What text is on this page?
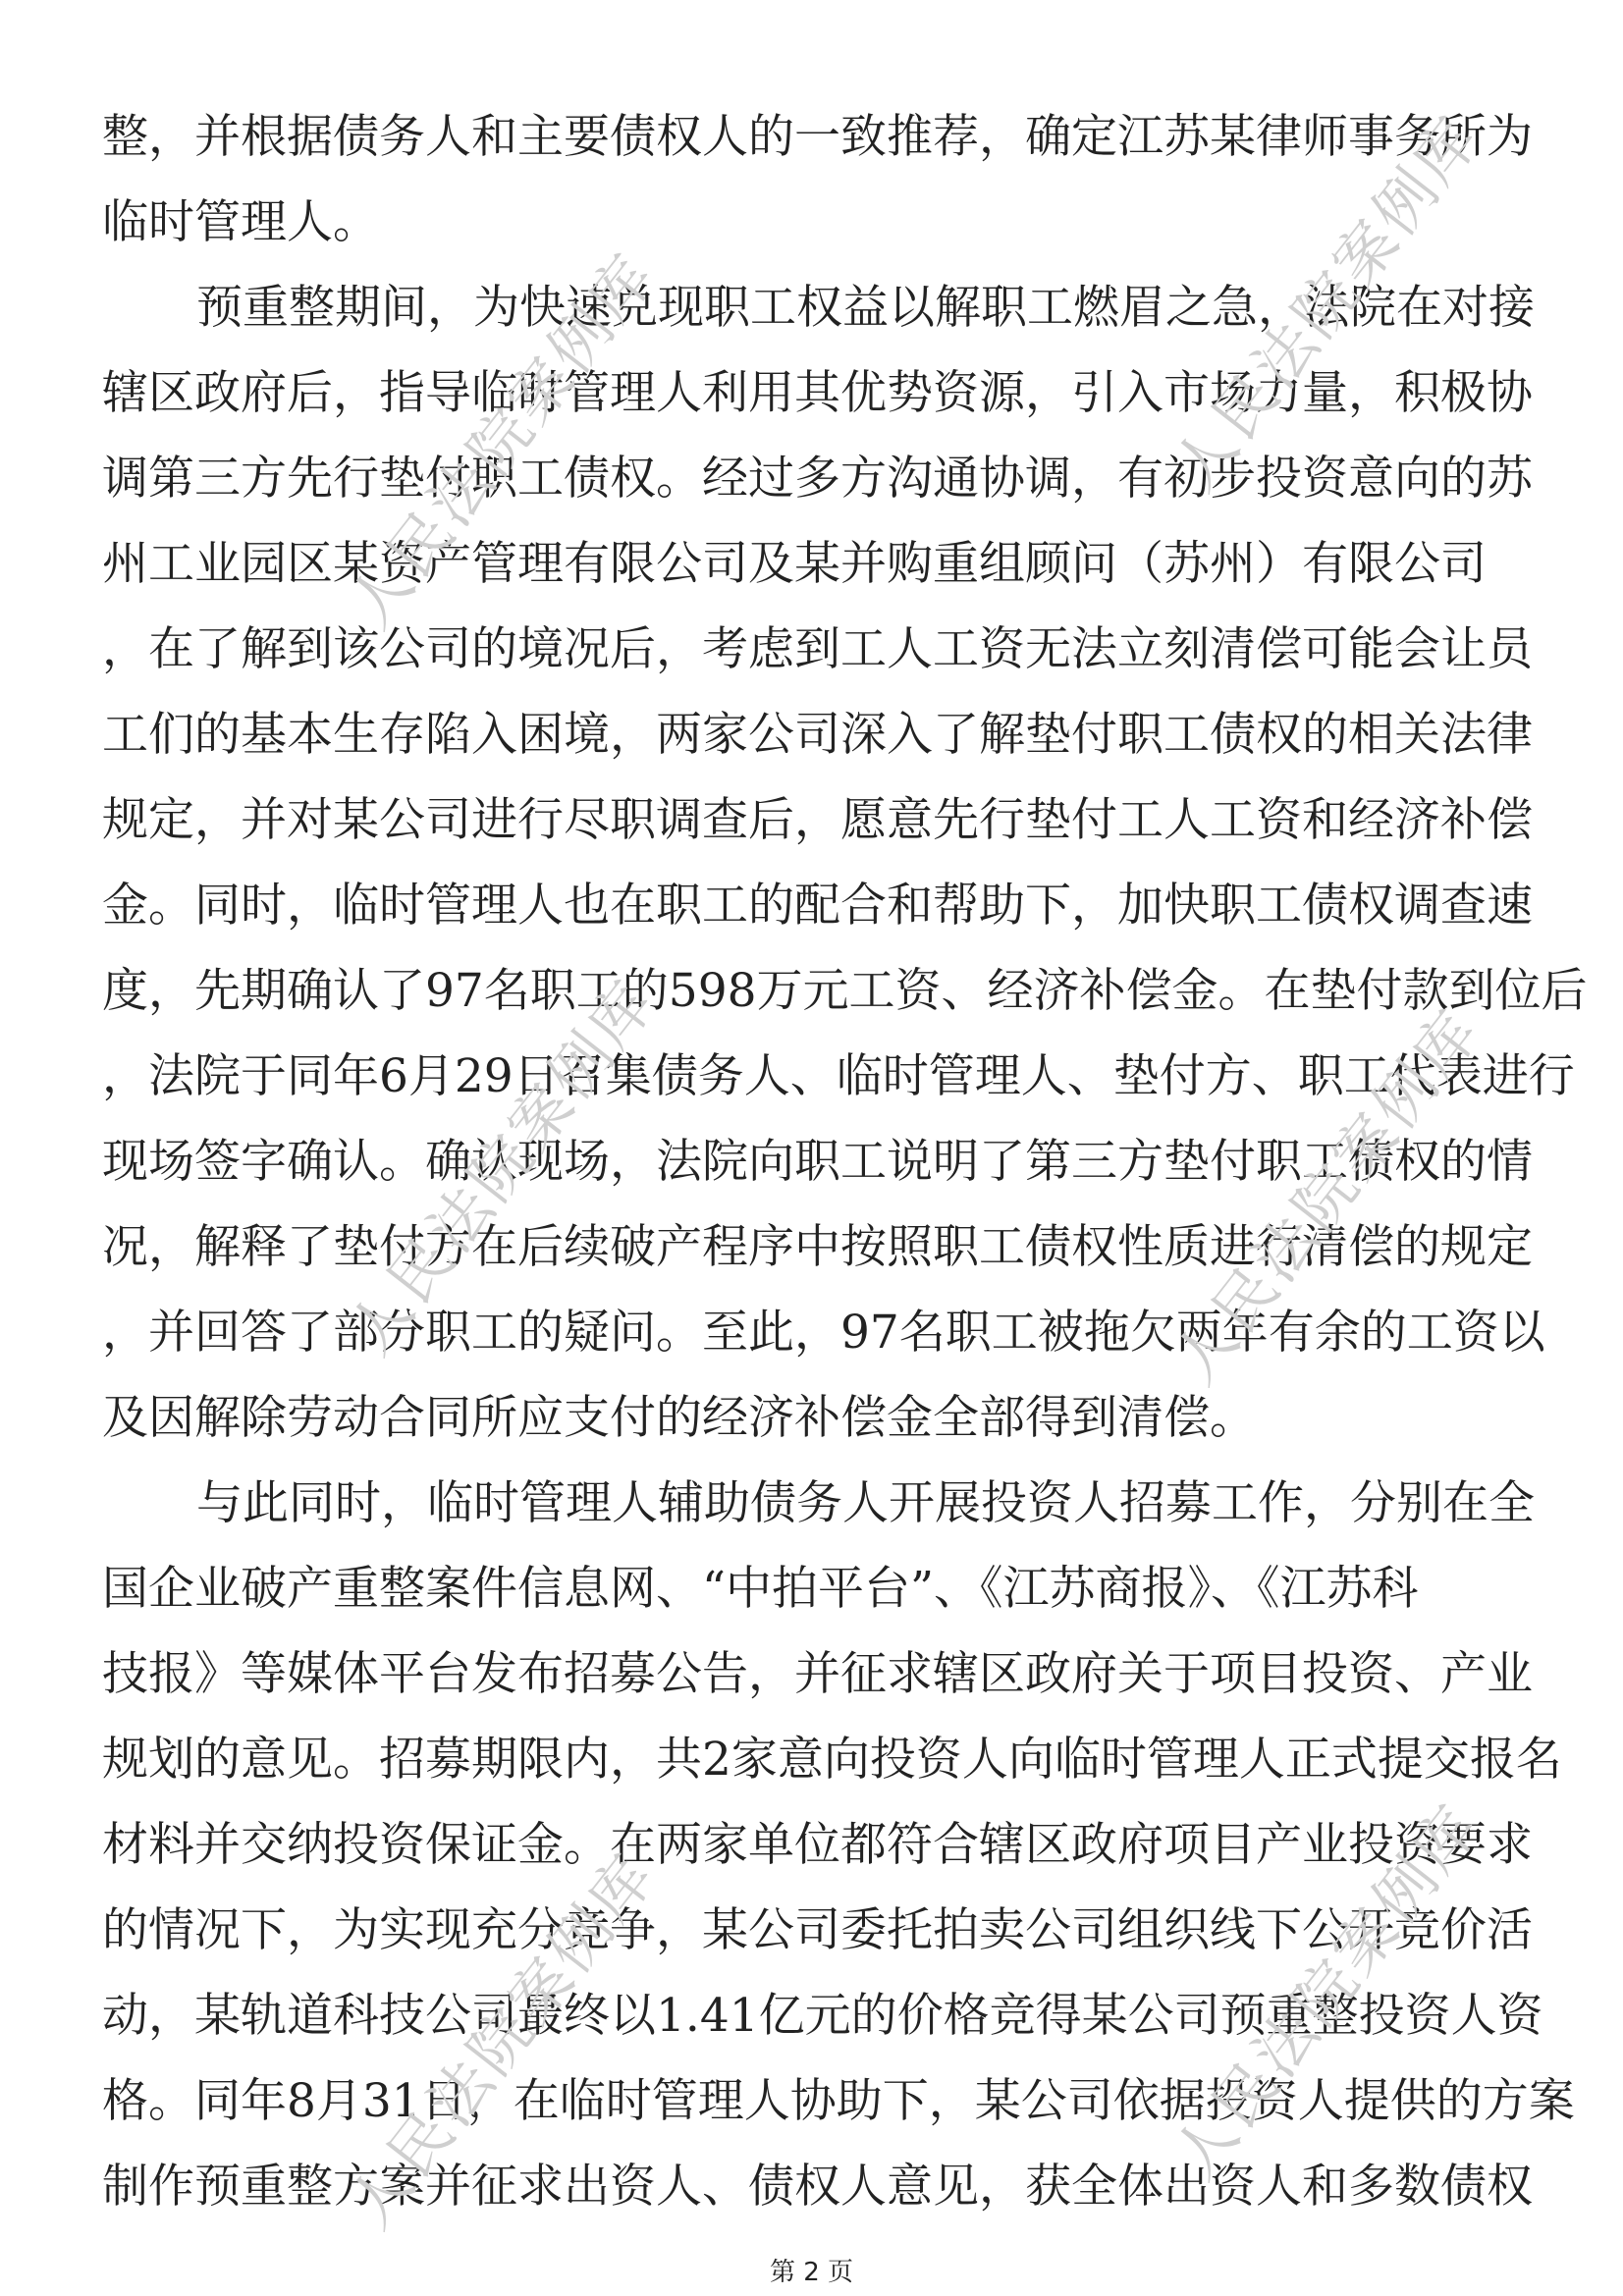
整，并根据债务人和主要债权人的一致推荐，确定江苏某律师事务所为

临时管理人。

预重整期间，为快速兑现职工权益以解职工燃眉之急，法院在对接

辖区政府后，指导临时管理人利用其优势资源，引入市场力量，积极协

调第三方先行垫付职工债权。经过多方沟通协调，有初步投资意向的苏

州工业园区某资产管理有限公司及某并购重组顾问（苏州）有限公司

，在了解到该公司的境况后，考虑到工人工资无法立刻清偿可能会让员

工们的基本生存陷入困境，两家公司深入了解垫付职工债权的相关法律

规定，并对某公司进行尽职调查后，愿意先行垫付工人工资和经济补偿

金。同时，临时管理人也在职工的配合和帮助下，加快职工债权调查速

度，先期确认了97名职工的598万元工资、经济补偿金。在垫付款到位后

，法院于同年6月29日召集债务人、临时管理人、垫付方、职工代表进行

现场签字确认。确认现场，法院向职工说明了第三方垫付职工债权的情

况，解释了垫付方在后续破产程序中按照职工债权性质进行清偿的规定

，并回答了部分职工的疑问。至此，97名职工被拖欠两年有余的工资以

及因解除劳动合同所应支付的经济补偿金全部得到清偿。

与此同时，临时管理人辅助债务人开展投资人招募工作，分别在全

国企业破产重整案件信息网、“中拍平台”、《江苏商报》、《江苏科

技报》等媒体平台发布招募公告，并征求辖区政府关于项目投资、产业

规划的意见。招募期限内，共2家意向投资人向临时管理人正式提交报名

材料并交纳投资保证金。在两家单位都符合辖区政府项目产业投资要求

的情况下，为实现充分竞争，某公司委托拍卖公司组织线下公开竞价活

动，某轨道科技公司最终以1.41亿元的价格竞得某公司预重整投资人资

格。同年8月31日，在临时管理人协助下，某公司依据投资人提供的方案

制作预重整方案并征求出资人、债权人意见，获全体出资人和多数债权

人民法院案例库	人民法院案例库
人民法院案例库	人民法院案例库
人民法院案例库	人民法院案例库
第 2 页
